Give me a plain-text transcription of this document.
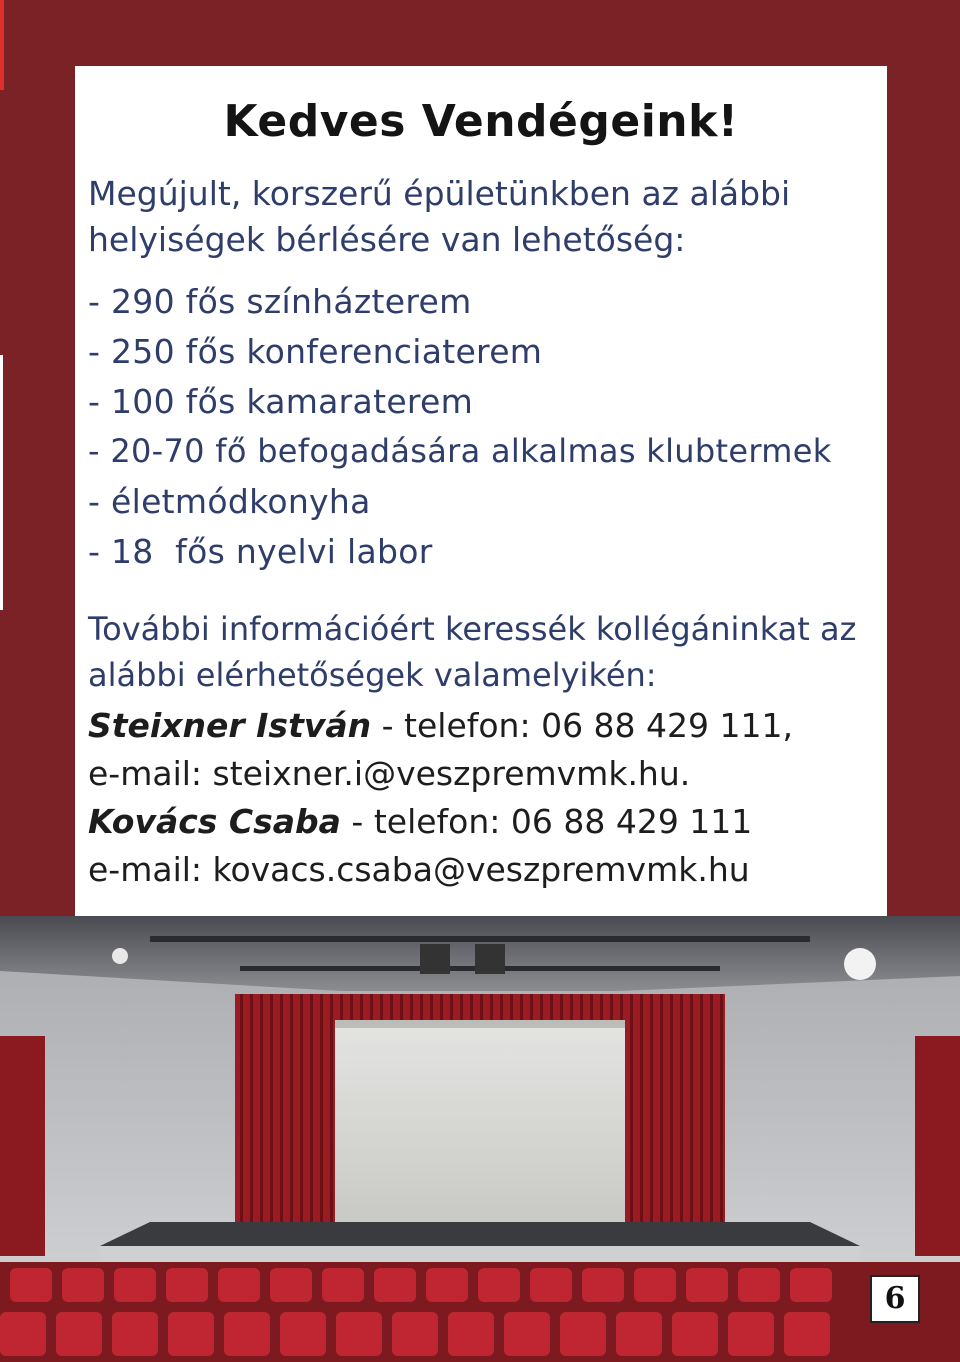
Kedves Vendégeink!
Megújult, korszerű épületünkben az alábbi
helyiségek bérlésére van lehetőség:
- 290 fős színházterem
- 250 fős konferenciaterem
- 100 fős kamaraterem
- 20-70 fő befogadására alkalmas klubtermek
- életmódkonyha
- 18  fős nyelvi labor
További információért keressék kollégáninkat az
alábbi elérhetőségek valamelyikén:
Steixner István - telefon: 06 88 429 111,
e-mail: steixner.i@veszpremvmk.hu.
Kovács Csaba - telefon: 06 88 429 111
e-mail: kovacs.csaba@veszpremvmk.hu
6
